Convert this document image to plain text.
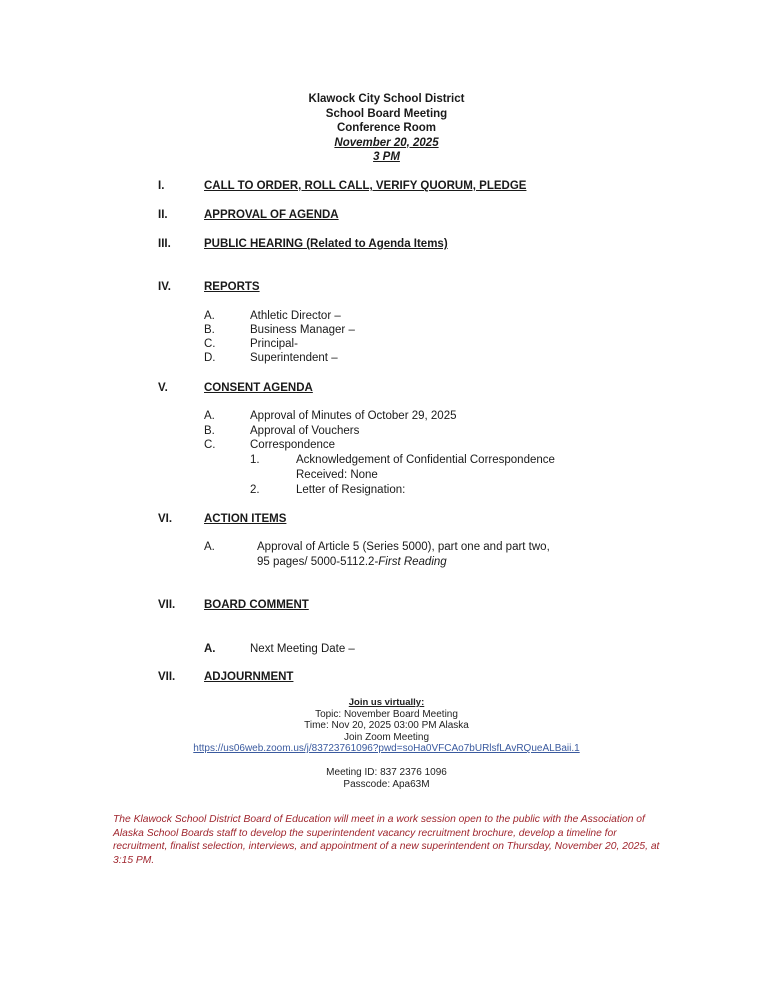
Klawock City School District
School Board Meeting
Conference Room
November 20, 2025
3 PM
I.	CALL TO ORDER, ROLL CALL, VERIFY QUORUM, PLEDGE
II.	APPROVAL OF AGENDA
III.	PUBLIC HEARING (Related to Agenda Items)
IV.	REPORTS
A.	Athletic Director –
B.	Business Manager –
C.	Principal-
D.	Superintendent –
V.	CONSENT AGENDA
A.	Approval of Minutes of October 29, 2025
B.	Approval of Vouchers
C.	Correspondence
1.	Acknowledgement of Confidential Correspondence
Received: None
2.	Letter of Resignation:
VI.	ACTION ITEMS
A.	Approval of Article 5 (Series 5000), part one and part two,
95 pages/ 5000-5112.2-First Reading
VII.	BOARD COMMENT
A.	Next Meeting Date –
VII.	ADJOURNMENT
Join us virtually:
Topic: November Board Meeting
Time: Nov 20, 2025 03:00 PM Alaska
Join Zoom Meeting
https://us06web.zoom.us/j/83723761096?pwd=soHa0VFCAo7bURlsfLAvRQueALBaii.1
Meeting ID: 837 2376 1096
Passcode: Apa63M
The Klawock School District Board of Education will meet in a work session open to the public with the Association of Alaska School Boards staff to develop the superintendent vacancy recruitment brochure, develop a timeline for recruitment, finalist selection, interviews, and appointment of a new superintendent on Thursday, November 20, 2025, at 3:15 PM.
